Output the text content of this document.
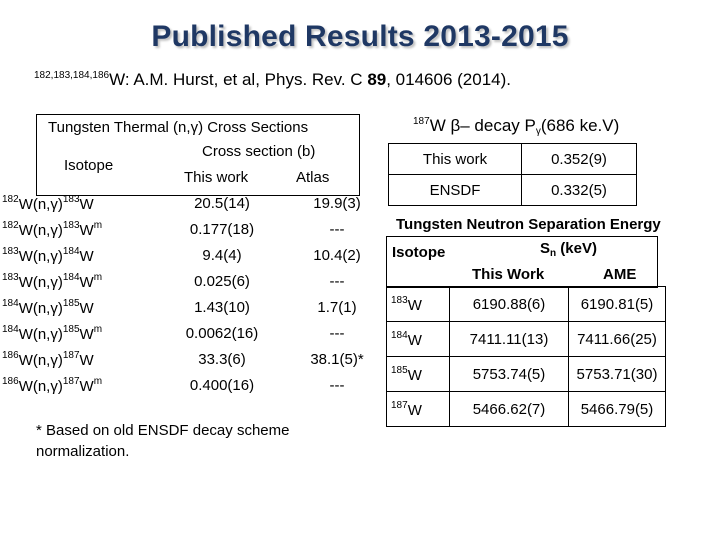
Published Results 2013-2015
$^{182,183,184,186}$W: A.M. Hurst, et al, Phys. Rev. C 89, 014606 (2014).
Tungsten Thermal (n,γ) Cross Sections
Isotope
Cross section (b)
This work	Atlas
$^{182}W(n,\gamma)^{183}W$	20.5(14)	19.9(3)
$^{182}W(n,\gamma)^{183}W^m$	0.177(18)	---
$^{183}W(n,\gamma)^{184}W$	9.4(4)	10.4(2)
$^{183}W(n,\gamma)^{184}W^m$	0.025(6)	---
$^{184}W(n,\gamma)^{185}W$	1.43(10)	1.7(1)
$^{184}W(n,\gamma)^{185}W^m$	0.0062(16)	---
$^{186}W(n,\gamma)^{187}W$	33.3(6)	38.1(5)*
$^{186}W(n,\gamma)^{187}W^m$	0.400(16)	---
* Based on old ENSDF decay scheme normalization.
$^{187}$W β– decay $P_\gamma(686$ ke.V)
This work	0.352(9)
ENSDF	0.332(5)
Tungsten Neutron Separation Energy
Isotope	$S_n$ (keV)
This Work	AME
$^{183}$W	6190.88(6)	6190.81(5)
$^{184}$W	7411.11(13)	7411.66(25)
$^{185}$W	5753.74(5)	5753.71(30)
$^{187}$W	5466.62(7)	5466.79(5)
